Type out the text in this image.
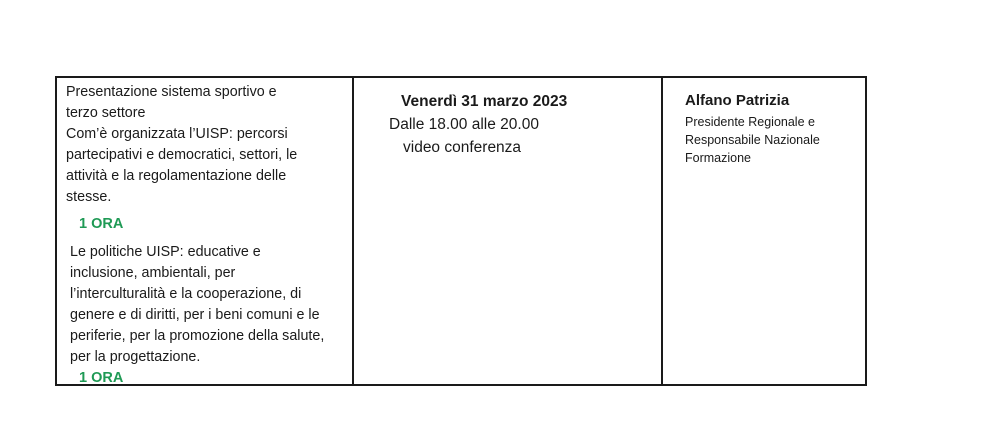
Presentazione sistema sportivo e
terzo settore
Com’è organizzata l’UISP: percorsi
partecipativi e democratici, settori, le
attività e la regolamentazione delle
stesse.

1 ORA

Le politiche UISP: educative e
inclusione, ambientali, per
l’interculturalità e la cooperazione, di
genere e di diritti, per i beni comuni e le
periferie, per la promozione della salute,
per la progettazione.

1 ORA
Venerdì 31 marzo 2023
Dalle 18.00 alle 20.00
video conferenza
Alfano Patrizia
Presidente Regionale e
Responsabile Nazionale
Formazione
